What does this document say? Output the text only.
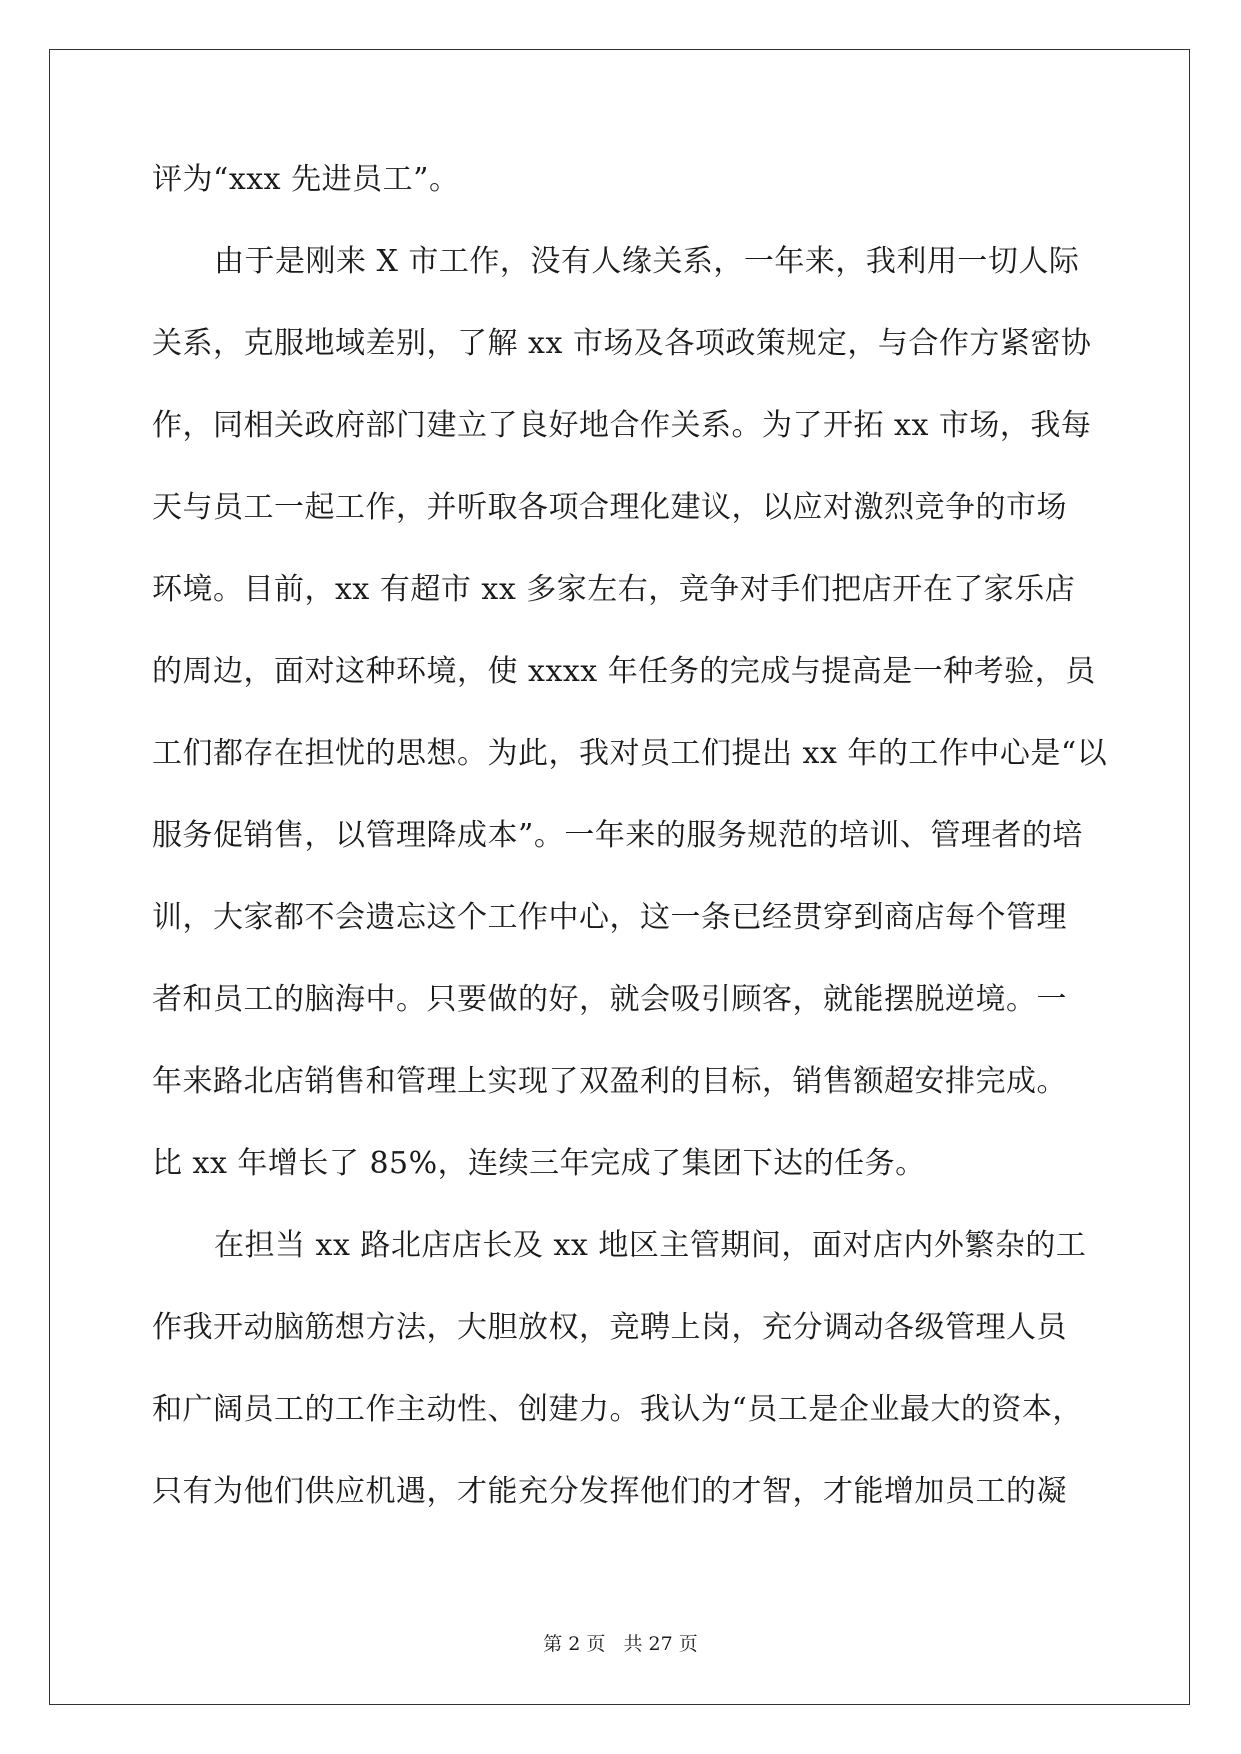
评为“xxx 先进员工”。
由于是刚来 X 市工作，没有人缘关系，一年来，我利用一切人际
关系，克服地域差别，了解 xx 市场及各项政策规定，与合作方紧密协
作，同相关政府部门建立了良好地合作关系。为了开拓 xx 市场，我每
天与员工一起工作，并听取各项合理化建议，以应对激烈竞争的市场
环境。目前，xx 有超市 xx 多家左右，竞争对手们把店开在了家乐店
的周边，面对这种环境，使 xxxx 年任务的完成与提高是一种考验，员
工们都存在担忧的思想。为此，我对员工们提出 xx 年的工作中心是“以
服务促销售，以管理降成本”。一年来的服务规范的培训、管理者的培
训，大家都不会遗忘这个工作中心，这一条已经贯穿到商店每个管理
者和员工的脑海中。只要做的好，就会吸引顾客，就能摆脱逆境。一
年来路北店销售和管理上实现了双盈利的目标，销售额超安排完成。
比 xx 年增长了 85%，连续三年完成了集团下达的任务。
在担当 xx 路北店店长及 xx 地区主管期间，面对店内外繁杂的工
作我开动脑筋想方法，大胆放权，竞聘上岗，充分调动各级管理人员
和广阔员工的工作主动性、创建力。我认为“员工是企业最大的资本，
只有为他们供应机遇，才能充分发挥他们的才智，才能增加员工的凝
第 2 页 共 27 页
